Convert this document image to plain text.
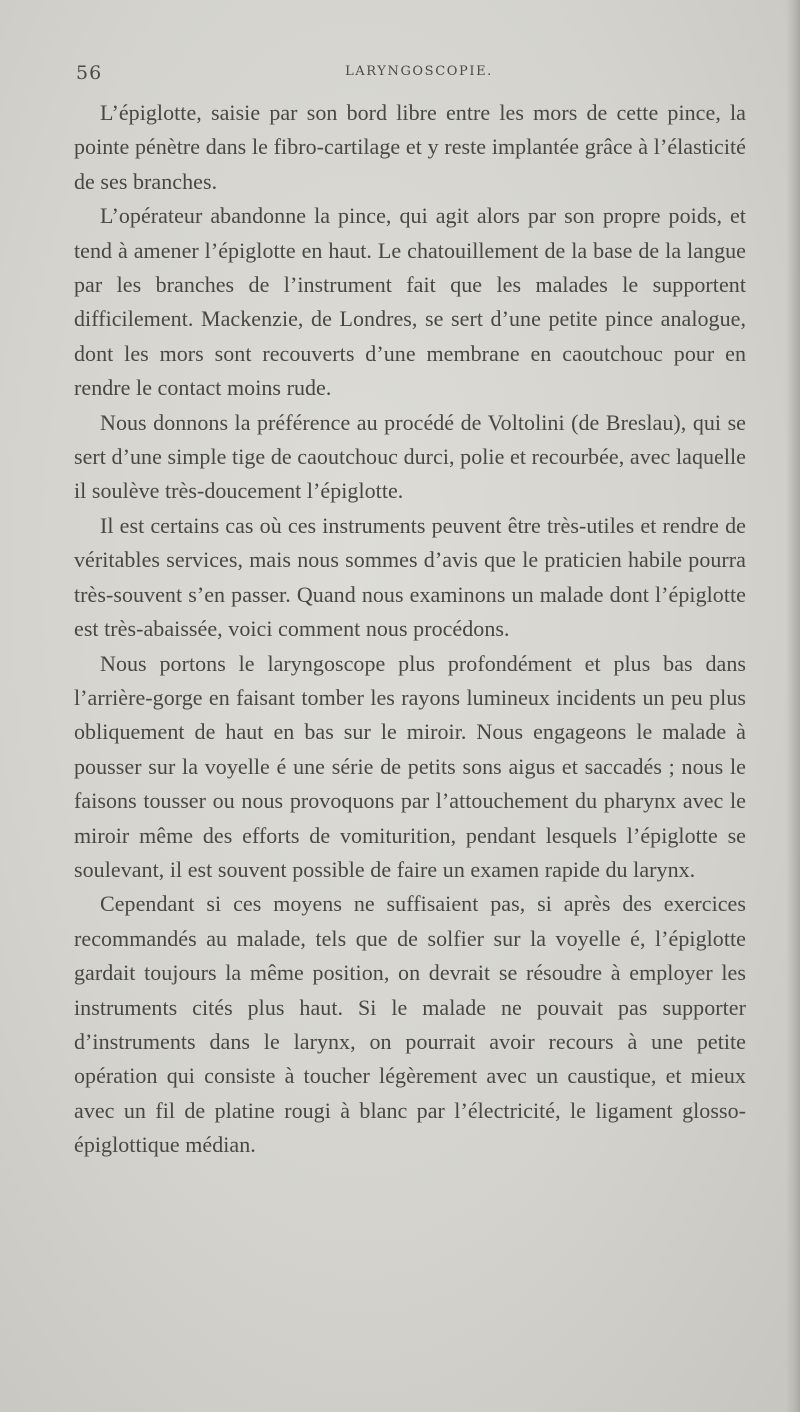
56	LARYNGOSCOPIE.

L’épiglotte, saisie par son bord libre entre les mors de cette pince, la pointe pénètre dans le fibro-cartilage et y reste implantée grâce à l’élasticité de ses branches.

L’opérateur abandonne la pince, qui agit alors par son propre poids, et tend à amener l’épiglotte en haut. Le chatouillement de la base de la langue par les branches de l’instrument fait que les malades le supportent difficilement. Mackenzie, de Londres, se sert d’une petite pince analogue, dont les mors sont recouverts d’une membrane en caoutchouc pour en rendre le contact moins rude.

Nous donnons la préférence au procédé de Voltolini (de Breslau), qui se sert d’une simple tige de caoutchouc durci, polie et recourbée, avec laquelle il soulève très-doucement l’épiglotte.

Il est certains cas où ces instruments peuvent être très-utiles et rendre de véritables services, mais nous sommes d’avis que le praticien habile pourra très-souvent s’en passer. Quand nous examinons un malade dont l’épiglotte est très-abaissée, voici comment nous procédons.

Nous portons le laryngoscope plus profondément et plus bas dans l’arrière-gorge en faisant tomber les rayons lumineux incidents un peu plus obliquement de haut en bas sur le miroir. Nous engageons le malade à pousser sur la voyelle é une série de petits sons aigus et saccadés ; nous le faisons tousser ou nous provoquons par l’attouchement du pharynx avec le miroir même des efforts de vomiturition, pendant lesquels l’épiglotte se soulevant, il est souvent possible de faire un examen rapide du larynx.

Cependant si ces moyens ne suffisaient pas, si après des exercices recommandés au malade, tels que de solfier sur la voyelle é, l’épiglotte gardait toujours la même position, on devrait se résoudre à employer les instruments cités plus haut. Si le malade ne pouvait pas supporter d’instruments dans le larynx, on pourrait avoir recours à une petite opération qui consiste à toucher légèrement avec un caustique, et mieux avec un fil de platine rougi à blanc par l’électricité, le ligament glosso-épiglottique médian.
